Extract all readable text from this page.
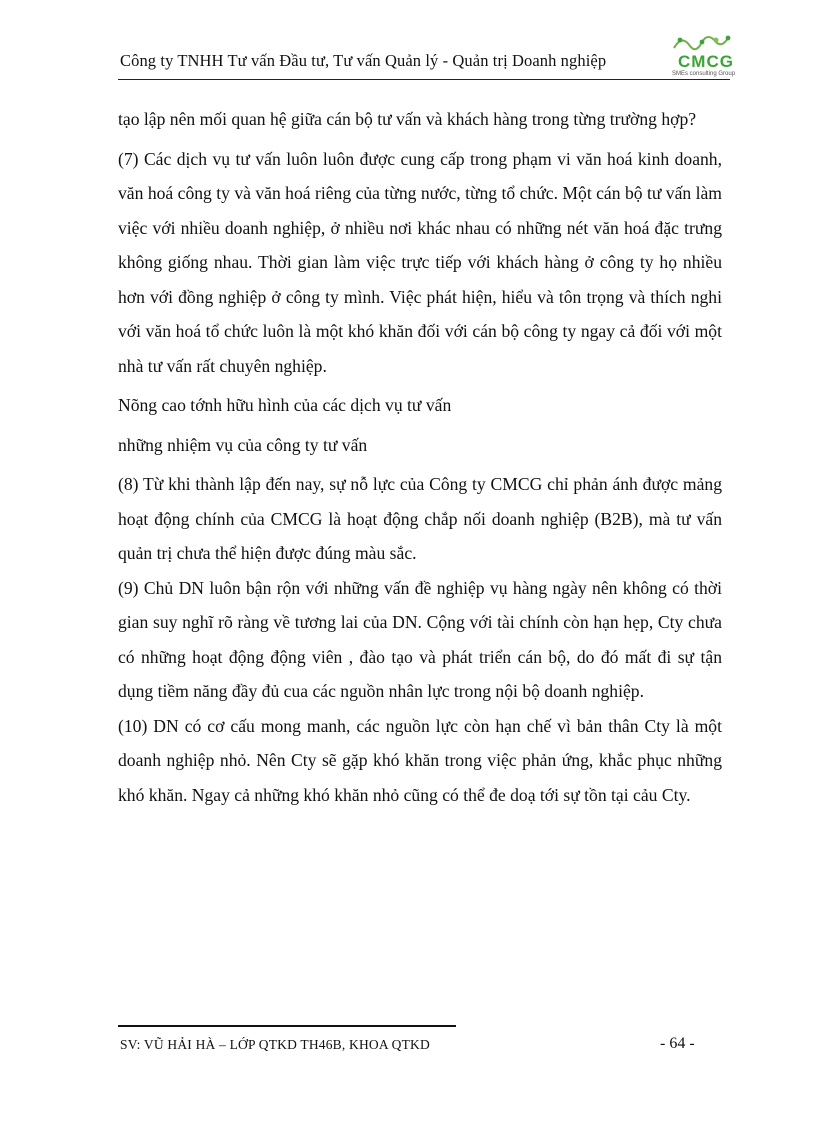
Công ty TNHH Tư vấn Đầu tư, Tư vấn Quản lý - Quản trị Doanh nghiệp	CMCG
SMEs consulting Group

tạo lập nên mối quan hệ giữa cán bộ tư vấn và khách hàng trong từng trường hợp?

(7) Các dịch vụ tư vấn luôn luôn được cung cấp trong phạm vi văn hoá kinh doanh, văn hoá công ty và văn hoá riêng của từng nước, từng tổ chức. Một cán bộ tư vấn làm việc với nhiều doanh nghiệp, ở nhiều nơi khác nhau có những nét văn hoá đặc trưng không giống nhau. Thời gian làm việc trực tiếp với khách hàng ở công ty họ nhiều hơn với đồng nghiệp ở công ty mình. Việc phát hiện, hiểu và tôn trọng và thích nghi với văn hoá tổ chức luôn là một khó khăn đối với cán bộ công ty ngay cả đối với một nhà tư vấn rất chuyên nghiệp.

Nõng cao tớnh hữu hình của các dịch vụ tư vấn

những nhiệm vụ của công ty tư vấn

(8) Từ khi thành lập đến nay, sự nỗ lực của Công ty CMCG chỉ phản ánh được mảng hoạt động chính của CMCG là hoạt động chắp nối doanh nghiệp (B2B), mà tư vấn quản trị chưa thể hiện được đúng màu sắc.

(9) Chủ DN luôn bận rộn với những vấn đề nghiệp vụ hàng ngày nên không có thời gian suy nghĩ rõ ràng về tương lai của DN. Cộng với tài chính còn hạn hẹp, Cty chưa có những hoạt động động viên , đào tạo và phát triển cán bộ, do đó mất đi sự tận dụng tiềm năng đầy đủ cua các nguồn nhân lực trong nội bộ doanh nghiệp.

(10) DN có cơ cấu mong manh, các nguồn lực còn hạn chế vì bản thân Cty là một doanh nghiệp nhỏ. Nên Cty sẽ gặp khó khăn trong việc phản ứng, khắc phục những khó khăn. Ngay cả những khó khăn nhỏ cũng có thể đe doạ tới sự tồn tại cảu Cty.

SV: VŨ HẢI HÀ – LỚP QTKD TH46B, KHOA QTKD	- 64 -
